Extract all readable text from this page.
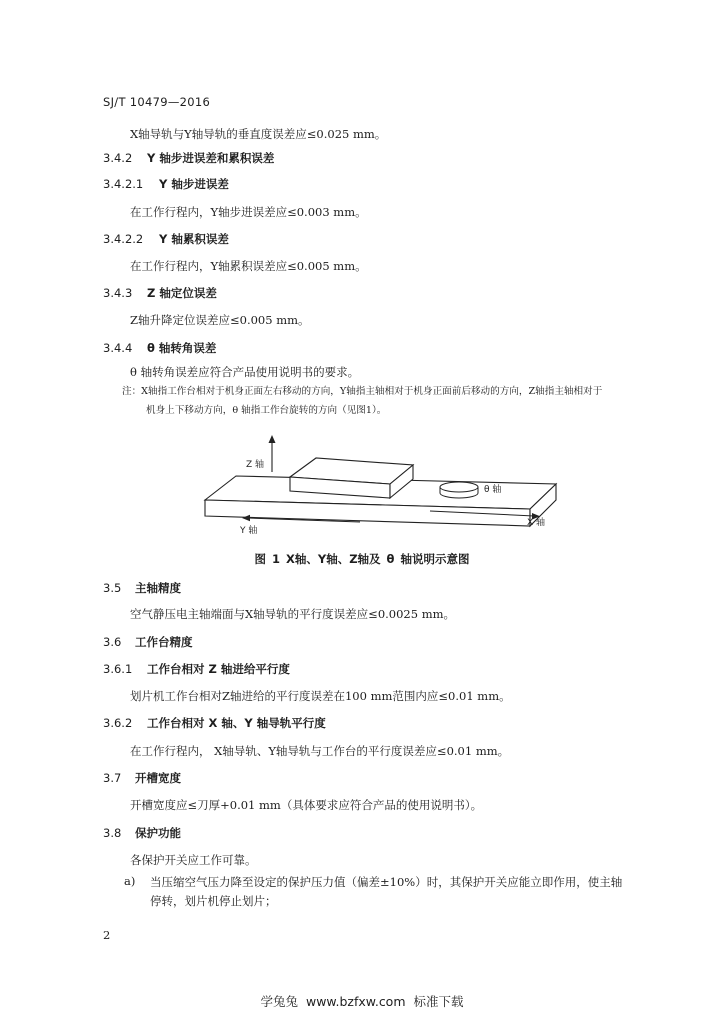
SJ/T 10479—2016
X轴导轨与Y轴导轨的垂直度误差应≤0.025 mm。
3.4.2 Y 轴步进误差和累积误差
3.4.2.1 Y 轴步进误差
在工作行程内，Y轴步进误差应≤0.003 mm。
3.4.2.2 Y 轴累积误差
在工作行程内，Y轴累积误差应≤0.005 mm。
3.4.3 Z 轴定位误差
Z轴升降定位误差应≤0.005 mm。
3.4.4 θ 轴转角误差
θ 轴转角误差应符合产品使用说明书的要求。
注：X轴指工作台相对于机身正面左右移动的方向，Y轴指主轴相对于机身正面前后移动的方向，Z轴指主轴相对于
机身上下移动方向，θ 轴指工作台旋转的方向（见图1）。
Z 轴
θ 轴
Y 轴
X 轴
图 1 X轴、Y轴、Z轴及 θ 轴说明示意图
3.5 主轴精度
空气静压电主轴端面与X轴导轨的平行度误差应≤0.0025 mm。
3.6 工作台精度
3.6.1 工作台相对 Z 轴进给平行度
划片机工作台相对Z轴进给的平行度误差在100 mm范围内应≤0.01 mm。
3.6.2 工作台相对 X 轴、Y 轴导轨平行度
在工作行程内， X轴导轨、Y轴导轨与工作台的平行度误差应≤0.01 mm。
3.7 开槽宽度
开槽宽度应≤刀厚+0.01 mm（具体要求应符合产品的使用说明书）。
3.8 保护功能
各保护开关应工作可靠。
a) 当压缩空气压力降至设定的保护压力值（偏差±10%）时，其保护开关应能立即作用，使主轴
停转，划片机停止划片；
2
学兔兔 www.bzfxw.com 标准下载
